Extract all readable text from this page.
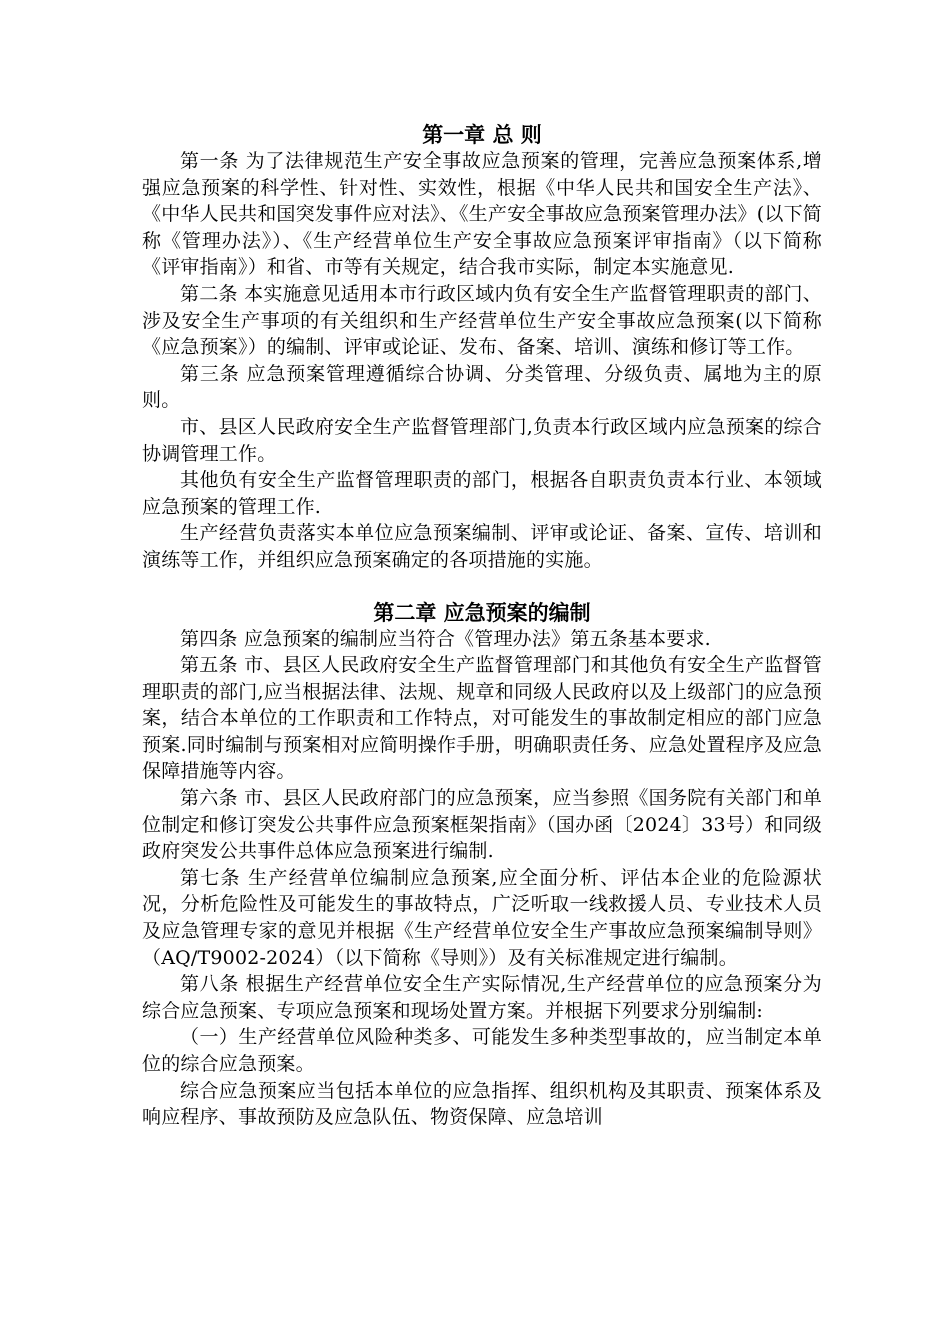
第一章 总 则

第一条 为了法律规范生产安全事故应急预案的管理，完善应急预案体系,增强应急预案的科学性、针对性、实效性，根据《中华人民共和国安全生产法》、《中华人民共和国突发事件应对法》、《生产安全事故应急预案管理办法》(以下简称《管理办法》）、《生产经营单位生产安全事故应急预案评审指南》（以下简称《评审指南》）和省、市等有关规定，结合我市实际，制定本实施意见.

第二条 本实施意见适用本市行政区域内负有安全生产监督管理职责的部门、涉及安全生产事项的有关组织和生产经营单位生产安全事故应急预案(以下简称《应急预案》）的编制、评审或论证、发布、备案、培训、演练和修订等工作。

第三条 应急预案管理遵循综合协调、分类管理、分级负责、属地为主的原则。

市、县区人民政府安全生产监督管理部门,负责本行政区域内应急预案的综合协调管理工作。

其他负有安全生产监督管理职责的部门，根据各自职责负责本行业、本领域应急预案的管理工作.

生产经营负责落实本单位应急预案编制、评审或论证、备案、宣传、培训和演练等工作，并组织应急预案确定的各项措施的实施。

第二章 应急预案的编制

第四条 应急预案的编制应当符合《管理办法》第五条基本要求.

第五条 市、县区人民政府安全生产监督管理部门和其他负有安全生产监督管理职责的部门,应当根据法律、法规、规章和同级人民政府以及上级部门的应急预案，结合本单位的工作职责和工作特点，对可能发生的事故制定相应的部门应急预案.同时编制与预案相对应简明操作手册，明确职责任务、应急处置程序及应急保障措施等内容。

第六条 市、县区人民政府部门的应急预案，应当参照《国务院有关部门和单位制定和修订突发公共事件应急预案框架指南》（国办函〔2024〕33号）和同级政府突发公共事件总体应急预案进行编制.

第七条 生产经营单位编制应急预案,应全面分析、评估本企业的危险源状况，分析危险性及可能发生的事故特点，广泛听取一线救援人员、专业技术人员及应急管理专家的意见并根据《生产经营单位安全生产事故应急预案编制导则》（AQ/T9002-2024）（以下简称《导则》）及有关标准规定进行编制。

第八条 根据生产经营单位安全生产实际情况,生产经营单位的应急预案分为综合应急预案、专项应急预案和现场处置方案。并根据下列要求分别编制:

（一）生产经营单位风险种类多、可能发生多种类型事故的，应当制定本单位的综合应急预案。

综合应急预案应当包括本单位的应急指挥、组织机构及其职责、预案体系及响应程序、事故预防及应急队伍、物资保障、应急培训
